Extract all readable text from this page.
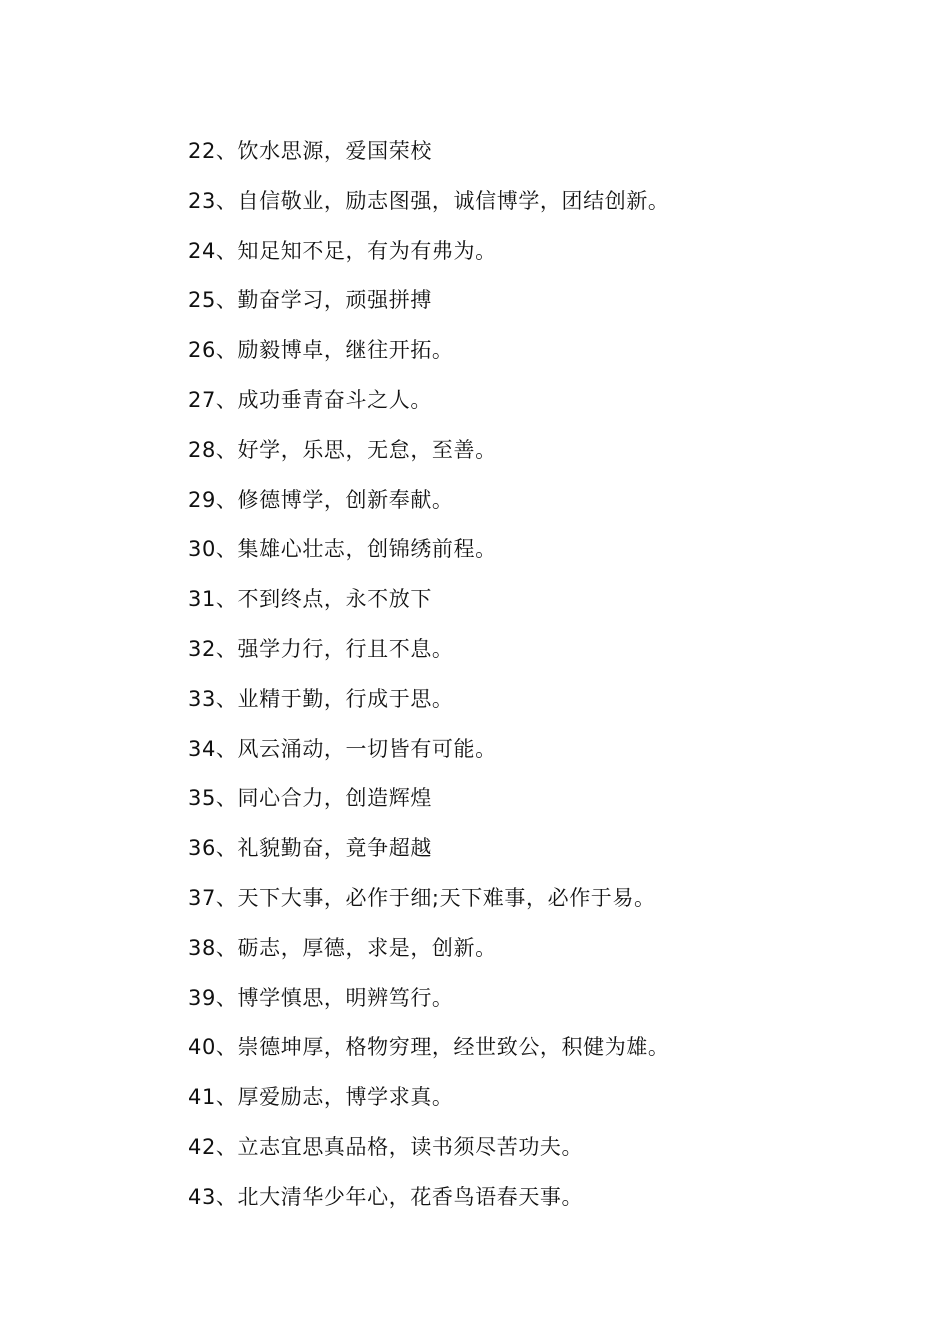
22、饮水思源，爱国荣校
23、自信敬业，励志图强，诚信博学，团结创新。
24、知足知不足，有为有弗为。
25、勤奋学习，顽强拼搏
26、励毅博卓，继往开拓。
27、成功垂青奋斗之人。
28、好学，乐思，无怠，至善。
29、修德博学，创新奉献。
30、集雄心壮志，创锦绣前程。
31、不到终点，永不放下
32、强学力行，行且不息。
33、业精于勤，行成于思。
34、风云涌动，一切皆有可能。
35、同心合力，创造辉煌
36、礼貌勤奋，竟争超越
37、天下大事，必作于细;天下难事，必作于易。
38、砺志，厚德，求是，创新。
39、博学慎思，明辨笃行。
40、崇德坤厚，格物穷理，经世致公，积健为雄。
41、厚爱励志，博学求真。
42、立志宜思真品格，读书须尽苦功夫。
43、北大清华少年心，花香鸟语春天事。
